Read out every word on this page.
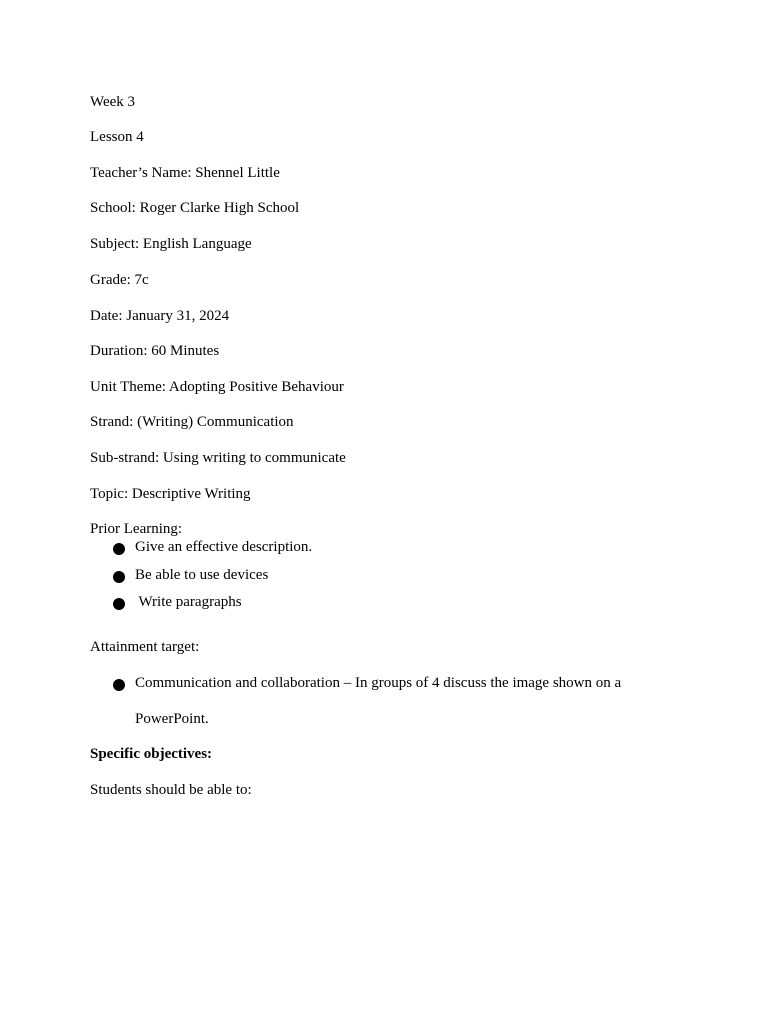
Week 3
Lesson 4
Teacher’s Name: Shennel Little
School: Roger Clarke High School
Subject: English Language
Grade: 7c
Date: January 31, 2024
Duration: 60 Minutes
Unit Theme: Adopting Positive Behaviour
Strand: (Writing) Communication
Sub-strand: Using writing to communicate
Topic: Descriptive Writing
Prior Learning:
Give an effective description.
Be able to use devices
Write paragraphs
Attainment target:
Communication and collaboration – In groups of 4 discuss the image shown on a
PowerPoint.
Specific objectives:
Students should be able to:
